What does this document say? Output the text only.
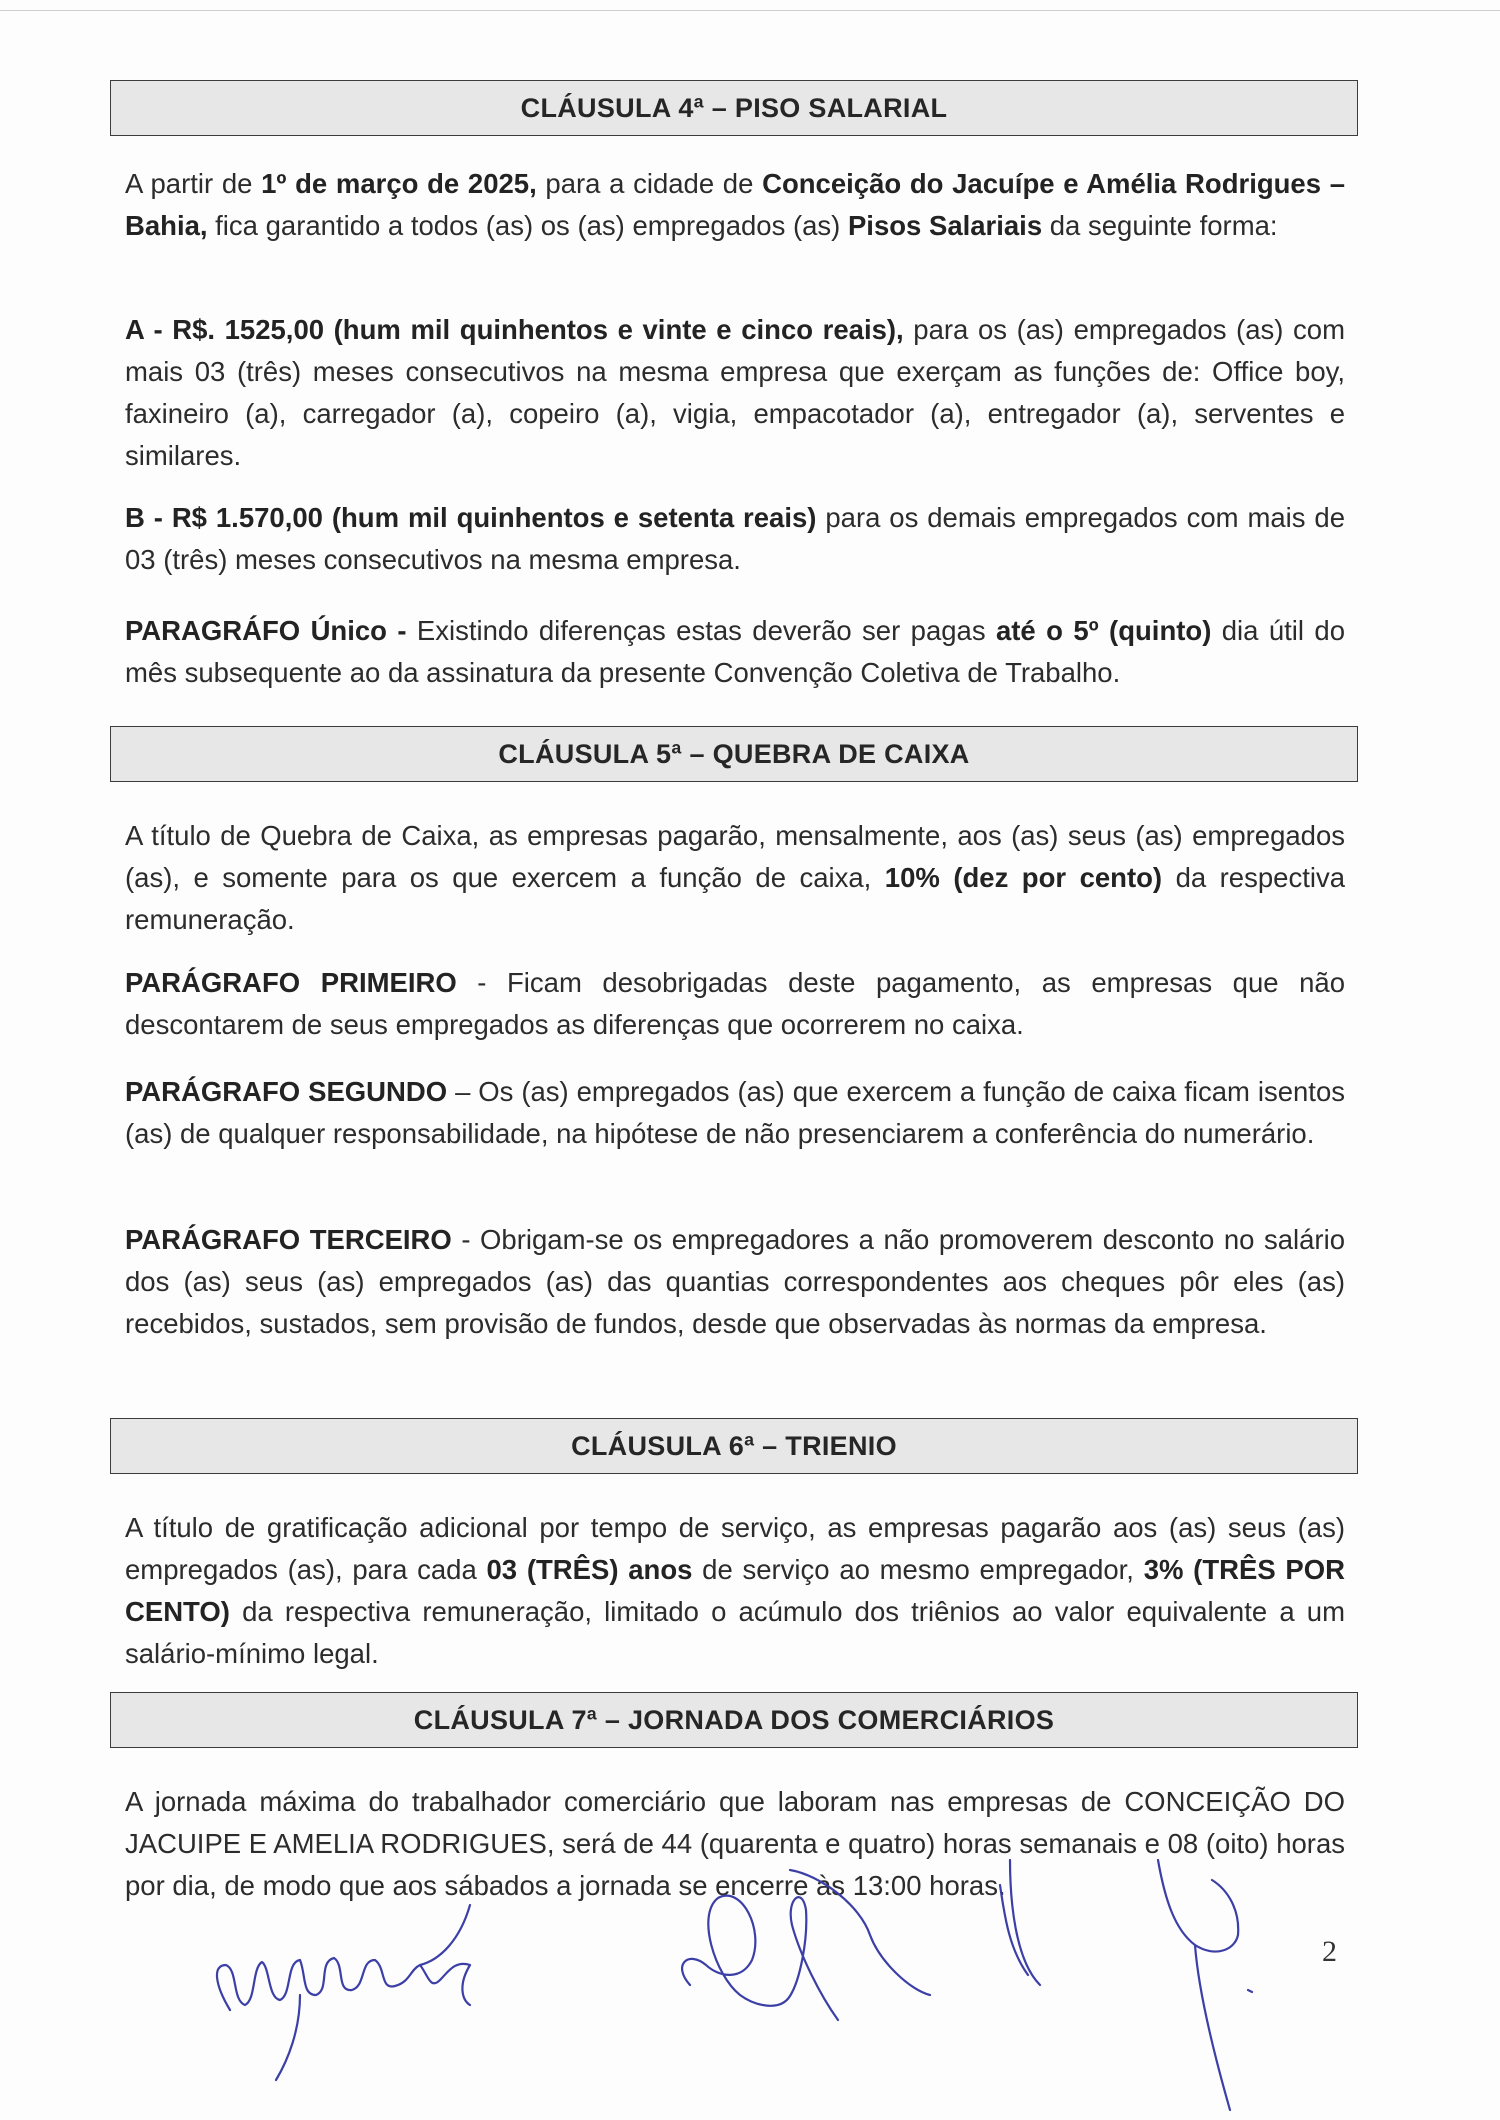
CLÁUSULA 4ª – PISO SALARIAL
A partir de 1º de março de 2025, para a cidade de Conceição do Jacuípe e Amélia Rodrigues – Bahia, fica garantido a todos (as) os (as) empregados (as) Pisos Salariais da seguinte forma:
A - R$. 1525,00 (hum mil quinhentos e vinte e cinco reais), para os (as) empregados (as) com mais 03 (três) meses consecutivos na mesma empresa que exerçam as funções de: Office boy, faxineiro (a), carregador (a), copeiro (a), vigia, empacotador (a), entregador (a), serventes e similares.
B - R$ 1.570,00 (hum mil quinhentos e setenta reais) para os demais empregados com mais de 03 (três) meses consecutivos na mesma empresa.
PARAGRÁFO Único - Existindo diferenças estas deverão ser pagas até o 5º (quinto) dia útil do mês subsequente ao da assinatura da presente Convenção Coletiva de Trabalho.
CLÁUSULA 5ª – QUEBRA DE CAIXA
A título de Quebra de Caixa, as empresas pagarão, mensalmente, aos (as) seus (as) empregados (as), e somente para os que exercem a função de caixa, 10% (dez por cento) da respectiva remuneração.
PARÁGRAFO PRIMEIRO - Ficam desobrigadas deste pagamento, as empresas que não descontarem de seus empregados as diferenças que ocorrerem no caixa.
PARÁGRAFO SEGUNDO – Os (as) empregados (as) que exercem a função de caixa ficam isentos (as) de qualquer responsabilidade, na hipótese de não presenciarem a conferência do numerário.
PARÁGRAFO TERCEIRO - Obrigam-se os empregadores a não promoverem desconto no salário dos (as) seus (as) empregados (as) das quantias correspondentes aos cheques pôr eles (as) recebidos, sustados, sem provisão de fundos, desde que observadas às normas da empresa.
CLÁUSULA 6ª – TRIENIO
A título de gratificação adicional por tempo de serviço, as empresas pagarão aos (as) seus (as) empregados (as), para cada 03 (TRÊS) anos de serviço ao mesmo empregador, 3% (TRÊS POR CENTO) da respectiva remuneração, limitado o acúmulo dos triênios ao valor equivalente a um salário-mínimo legal.
CLÁUSULA 7ª – JORNADA DOS COMERCIÁRIOS
A jornada máxima do trabalhador comerciário que laboram nas empresas de CONCEIÇÃO DO JACUIPE E AMELIA RODRIGUES, será de 44 (quarenta e quatro) horas semanais e 08 (oito) horas por dia, de modo que aos sábados a jornada se encerre às 13:00 horas.
2
